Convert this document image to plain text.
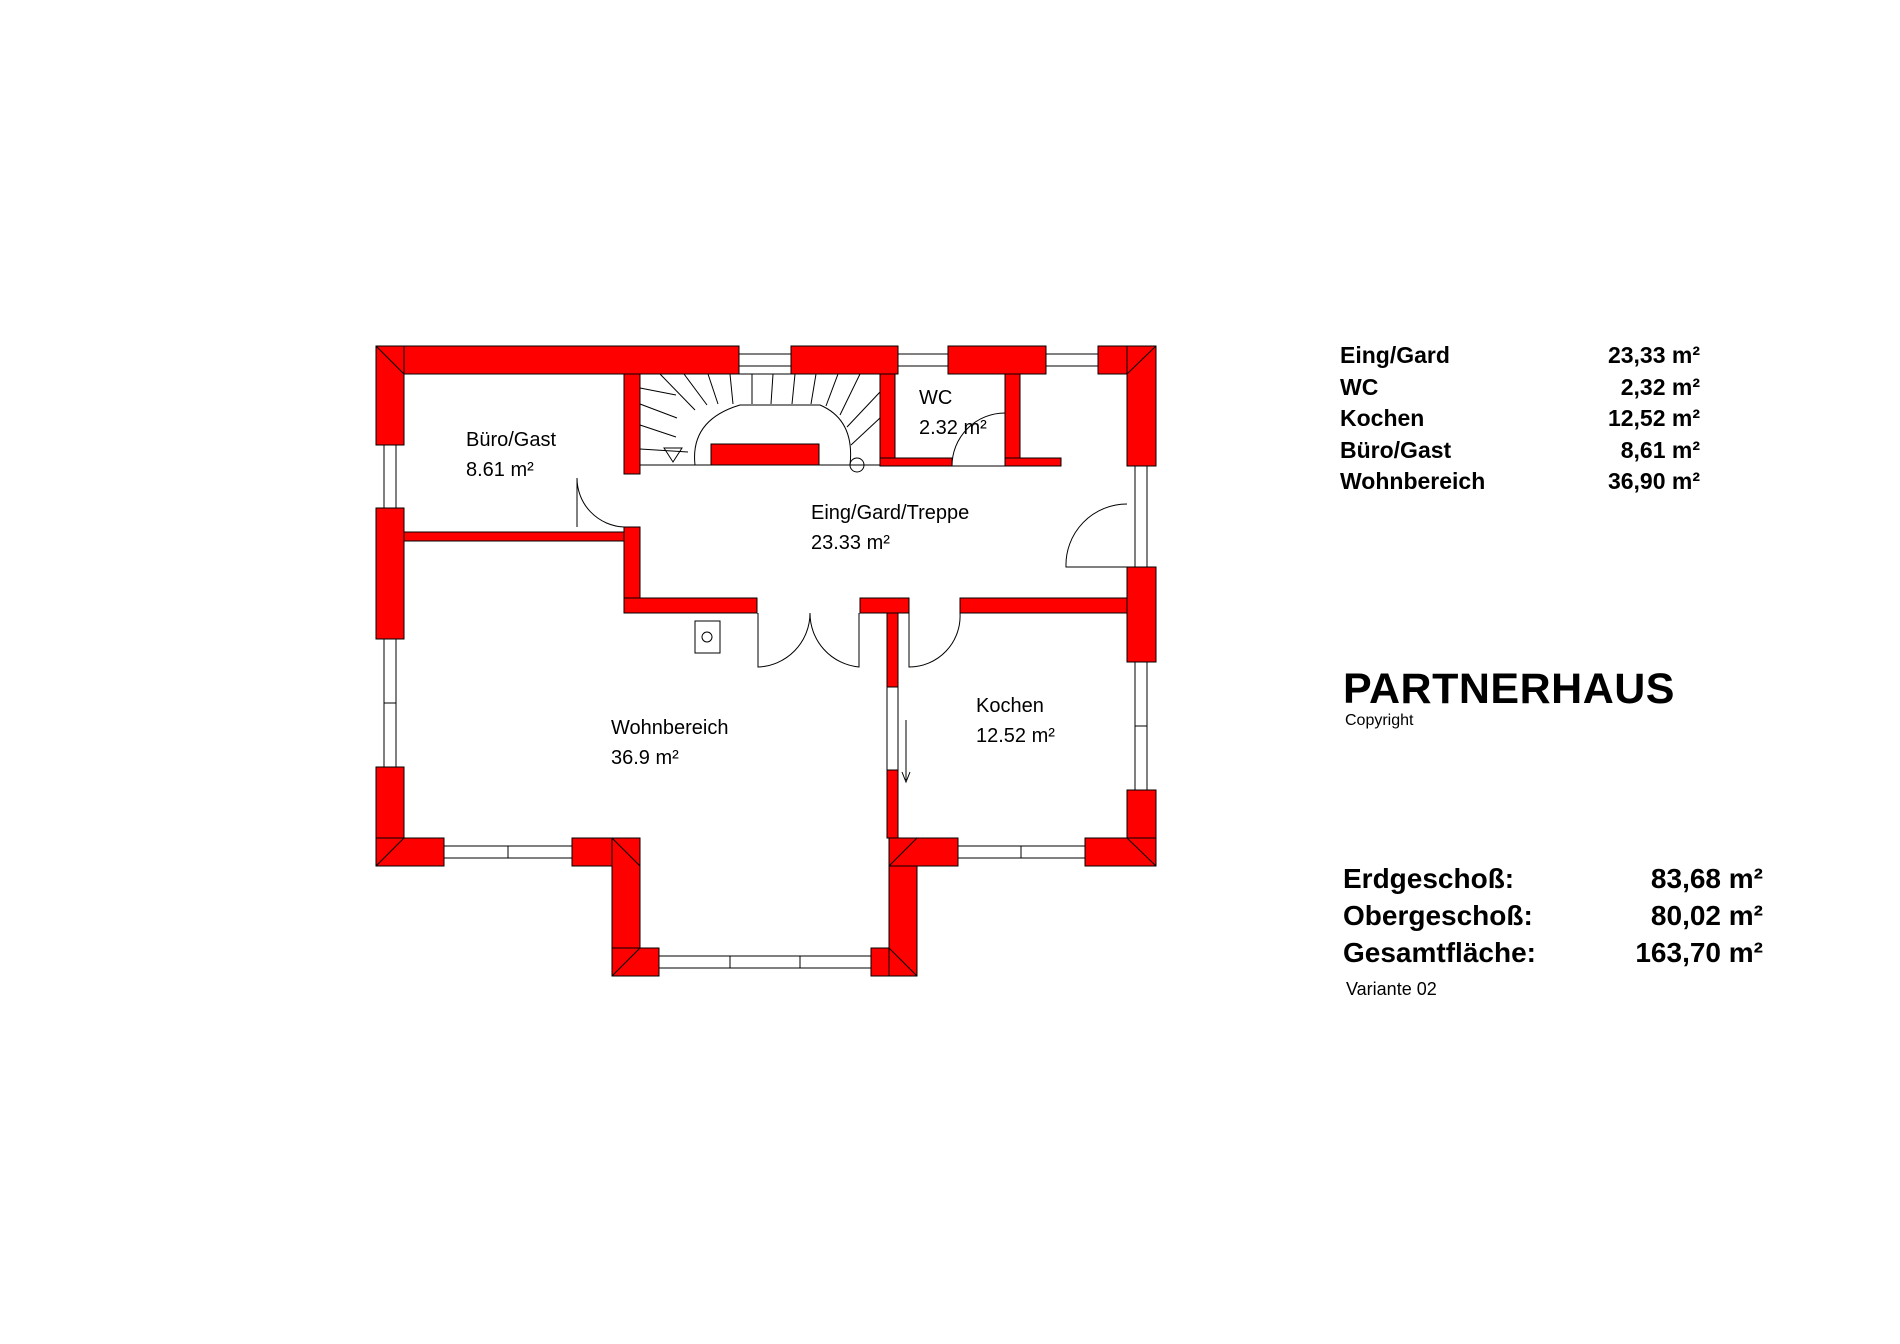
Büro/Gast
8.61 m²
WC
2.32 m²
Eing/Gard/Treppe
23.33 m²
Wohnbereich
36.9 m²
Kochen
12.52 m²
Eing/Gard	23,33 m²
WC	2,32 m²
Kochen	12,52 m²
Büro/Gast	8,61 m²
Wohnbereich	36,90 m²
PARTNERHAUS
Copyright
Erdgeschoß:	83,68 m²
Obergeschoß:	80,02 m²
Gesamtfläche:	163,70 m²
Variante 02
